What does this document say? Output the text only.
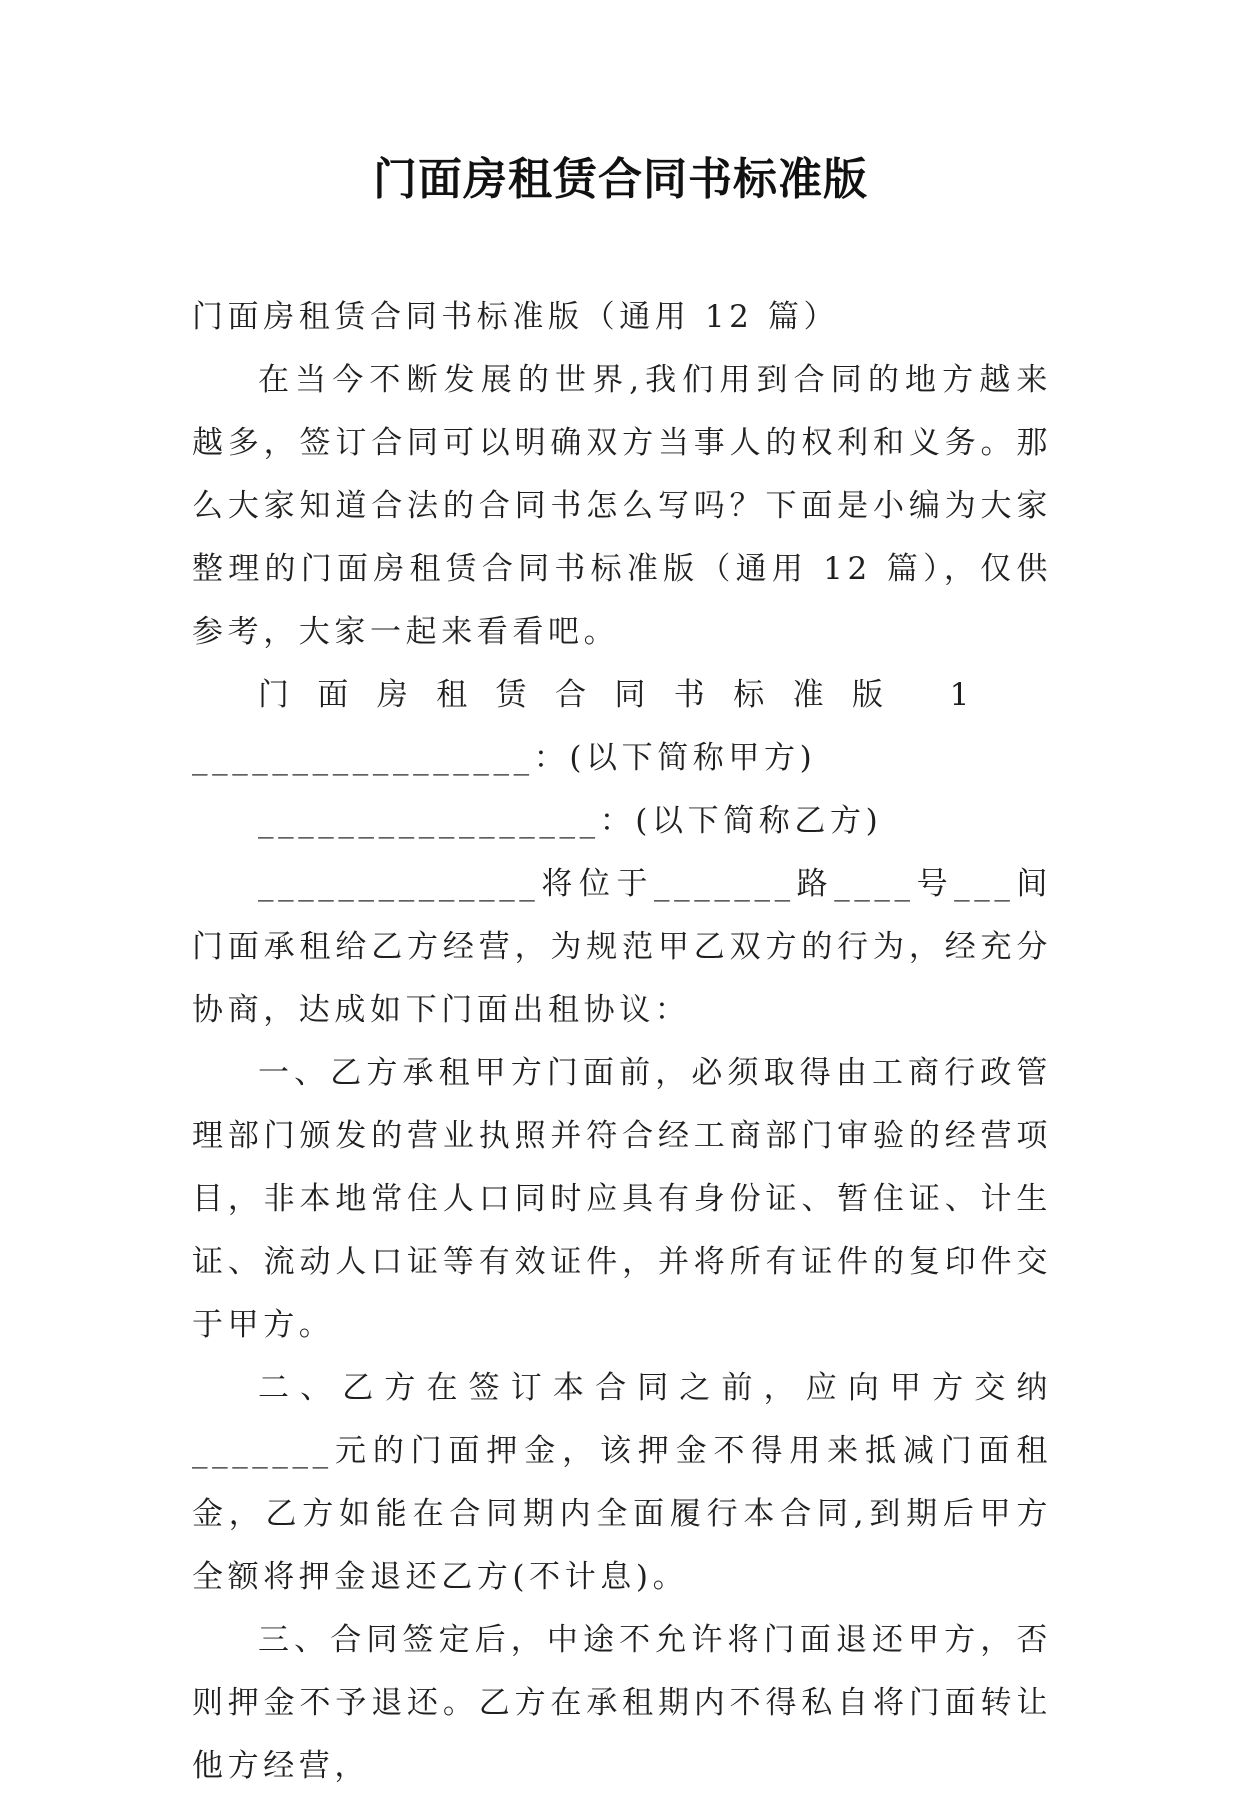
门面房租赁合同书标准版

门面房租赁合同书标准版（通用 12 篇）

在当今不断发展的世界,我们用到合同的地方越来越多，签订合同可以明确双方当事人的权利和义务。那么大家知道合法的合同书怎么写吗？下面是小编为大家整理的门面房租赁合同书标准版（通用 12 篇），仅供参考，大家一起来看看吧。

门面房租赁合同书标准版 1_________________：(以下简称甲方)

_________________：(以下简称乙方)

______________将位于_______路____号___间门面承租给乙方经营，为规范甲乙双方的行为，经充分协商，达成如下门面出租协议：

一、乙方承租甲方门面前，必须取得由工商行政管理部门颁发的营业执照并符合经工商部门审验的经营项目，非本地常住人口同时应具有身份证、暂住证、计生证、流动人口证等有效证件，并将所有证件的复印件交于甲方。

二、乙方在签订本合同之前，应向甲方交纳_______元的门面押金，该押金不得用来抵减门面租金，乙方如能在合同期内全面履行本合同,到期后甲方全额将押金退还乙方(不计息)。

三、合同签定后，中途不允许将门面退还甲方，否则押金不予退还。乙方在承租期内不得私自将门面转让他方经营，
